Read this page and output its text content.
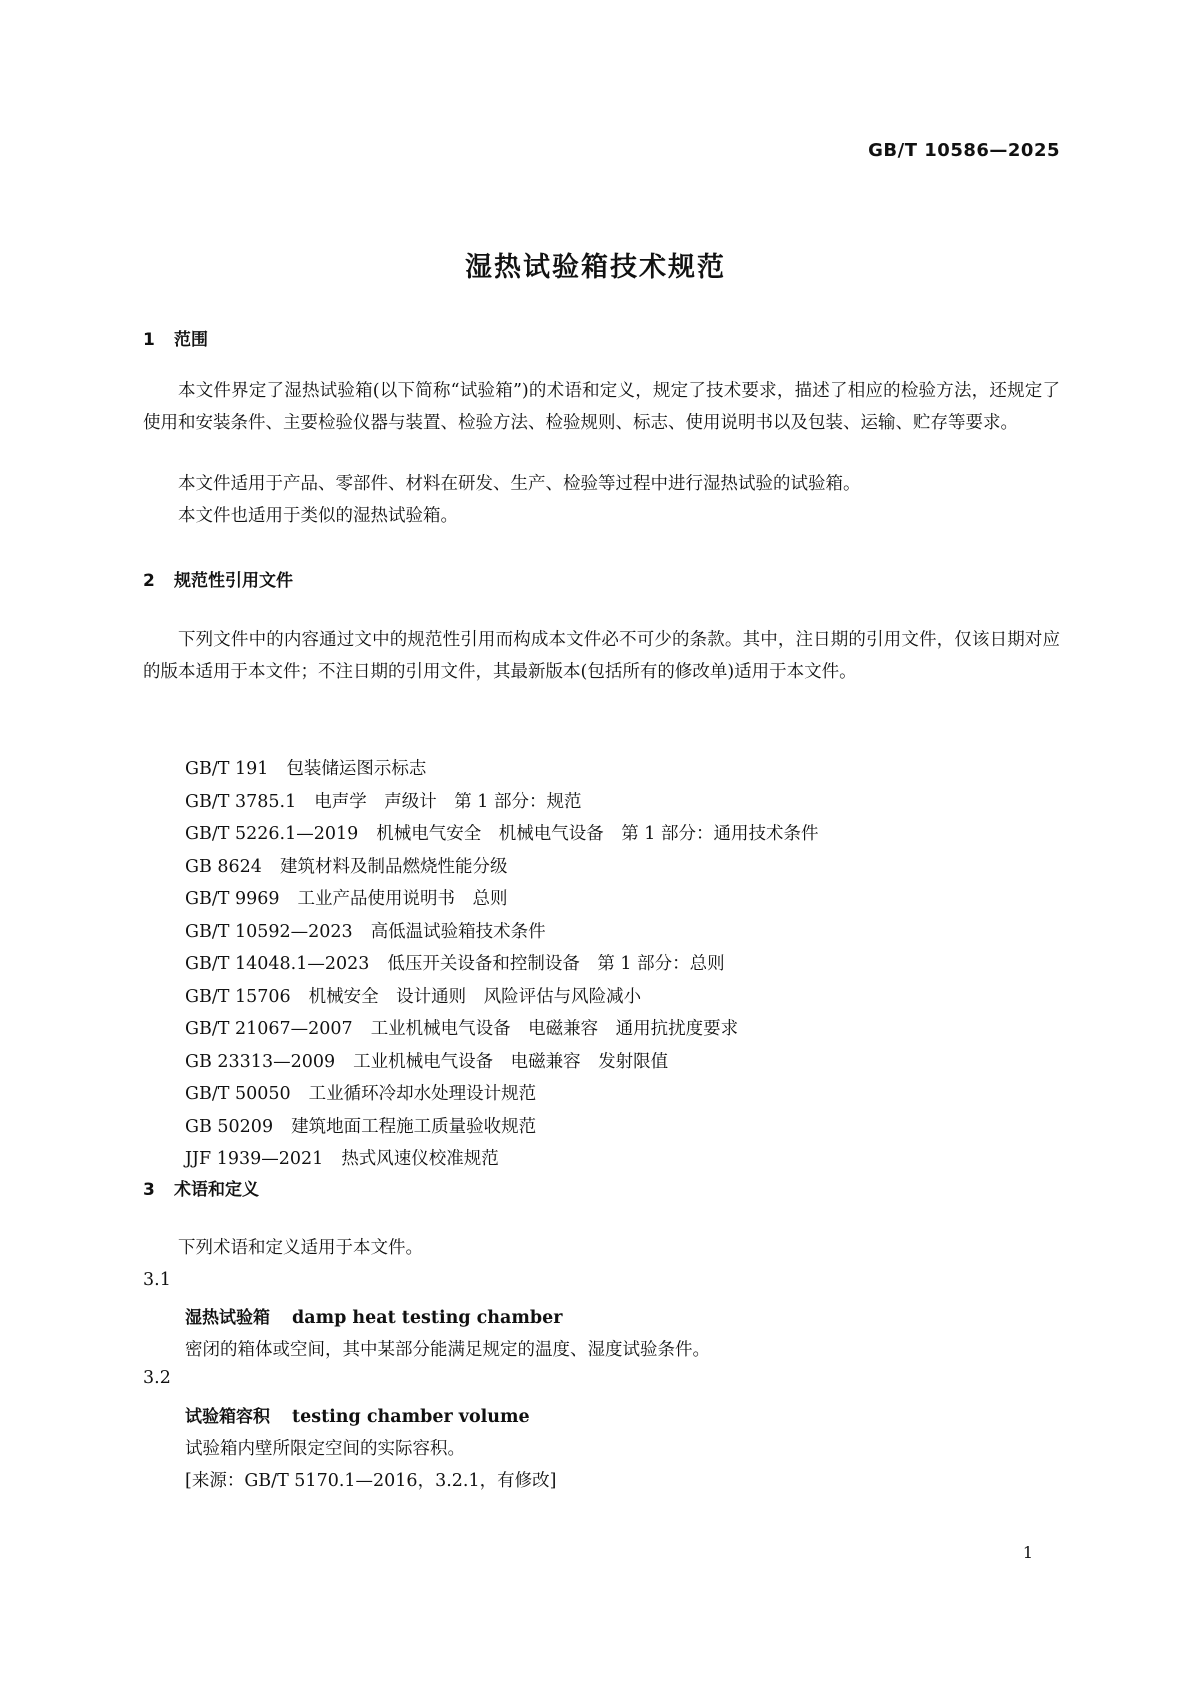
GB/T 10586—2025
湿热试验箱技术规范
1 范围

本文件界定了湿热试验箱(以下简称“试验箱”)的术语和定义，规定了技术要求，描述了相应的检验方法，还规定了使用和安装条件、主要检验仪器与装置、检验方法、检验规则、标志、使用说明书以及包装、运输、贮存等要求。

本文件适用于产品、零部件、材料在研发、生产、检验等过程中进行湿热试验的试验箱。

本文件也适用于类似的湿热试验箱。

2 规范性引用文件

下列文件中的内容通过文中的规范性引用而构成本文件必不可少的条款。其中，注日期的引用文件，仅该日期对应的版本适用于本文件；不注日期的引用文件，其最新版本(包括所有的修改单)适用于本文件。

GB/T 191 包装储运图示标志
GB/T 3785.1 电声学　声级计　第 1 部分：规范
GB/T 5226.1—2019 机械电气安全　机械电气设备　第 1 部分：通用技术条件
GB 8624 建筑材料及制品燃烧性能分级
GB/T 9969 工业产品使用说明书　总则
GB/T 10592—2023 高低温试验箱技术条件
GB/T 14048.1—2023 低压开关设备和控制设备　第 1 部分：总则
GB/T 15706 机械安全　设计通则　风险评估与风险减小
GB/T 21067—2007 工业机械电气设备　电磁兼容　通用抗扰度要求
GB 23313—2009 工业机械电气设备　电磁兼容　发射限值
GB/T 50050 工业循环冷却水处理设计规范
GB 50209 建筑地面工程施工质量验收规范
JJF 1939—2021 热式风速仪校准规范
3 术语和定义

下列术语和定义适用于本文件。

3.1
湿热试验箱 damp heat testing chamber
密闭的箱体或空间，其中某部分能满足规定的温度、湿度试验条件。
3.2
试验箱容积 testing chamber volume
试验箱内壁所限定空间的实际容积。
[来源：GB/T 5170.1—2016，3.2.1，有修改]
1
